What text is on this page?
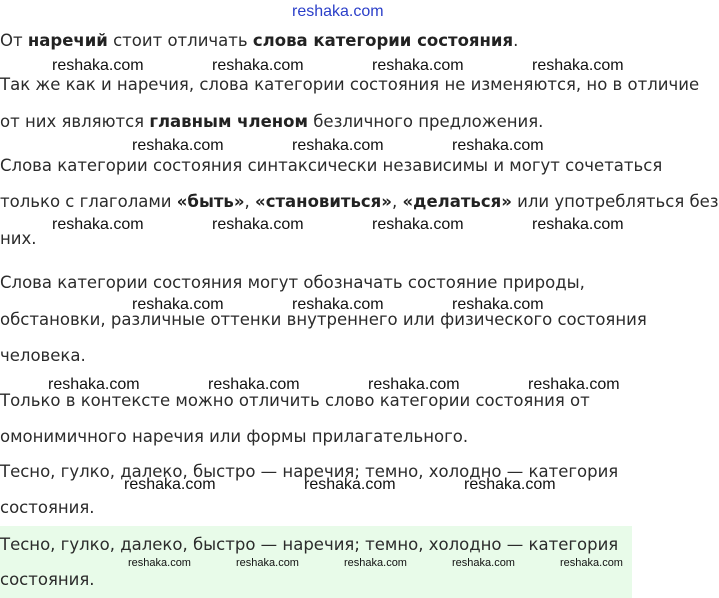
reshaka.com
reshaka.com	reshaka.com	reshaka.com	reshaka.com
reshaka.com	reshaka.com	reshaka.com
reshaka.com	reshaka.com	reshaka.com	reshaka.com
reshaka.com	reshaka.com	reshaka.com
reshaka.com	reshaka.com	reshaka.com	reshaka.com
reshaka.com	reshaka.com	reshaka.com
reshaka.com	reshaka.com	reshaka.com	reshaka.com	reshaka.com
От наречий стоит отличать слова категории состояния.
Так же как и наречия, слова категории состояния не изменяются, но в отличие
от них являются главным членом безличного предложения.
Слова категории состояния синтаксически независимы и могут сочетаться
только с глаголами «быть», «становиться», «делаться» или употребляться без
них.
Слова категории состояния могут обозначать состояние природы,
обстановки, различные оттенки внутреннего или физического состояния
человека.
Только в контексте можно отличить слово категории состояния от
омонимичного наречия или формы прилагательного.
Тесно, гулко, далеко, быстро — наречия; темно, холодно — категория
состояния.
Тесно, гулко, далеко, быстро — наречия; темно, холодно — категория
состояния.
